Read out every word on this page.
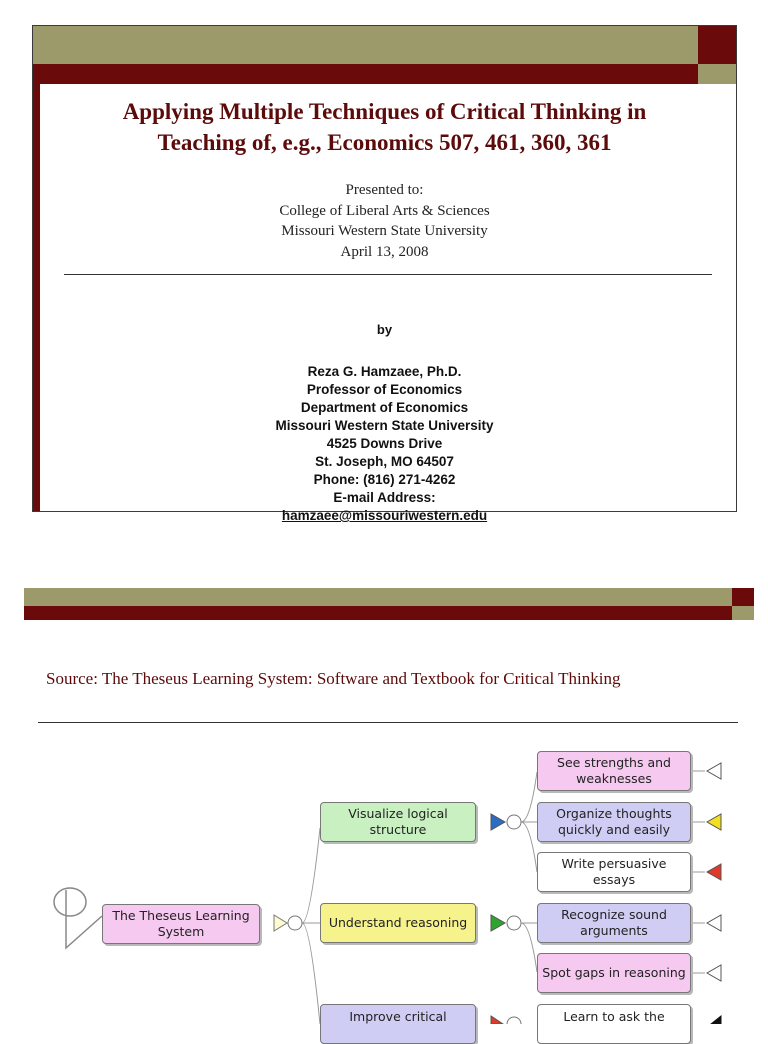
Applying Multiple Techniques of Critical Thinking in
Teaching of, e.g., Economics 507, 461, 360, 361
Presented to:
College of Liberal Arts & Sciences
Missouri Western State University
April 13, 2008
by
Reza G. Hamzaee, Ph.D.
Professor of Economics
Department of Economics
Missouri Western State University
4525 Downs Drive
St. Joseph, MO 64507
Phone: (816) 271-4262
E-mail Address:
hamzaee@missouriwestern.edu
Source: The Theseus Learning System: Software and Textbook for Critical Thinking
The Theseus Learning System
Visualize logical structure
Understand reasoning
Improve critical
See strengths and weaknesses
Organize thoughts quickly and easily
Write persuasive essays
Recognize sound arguments
Spot gaps in reasoning
Learn to ask the
